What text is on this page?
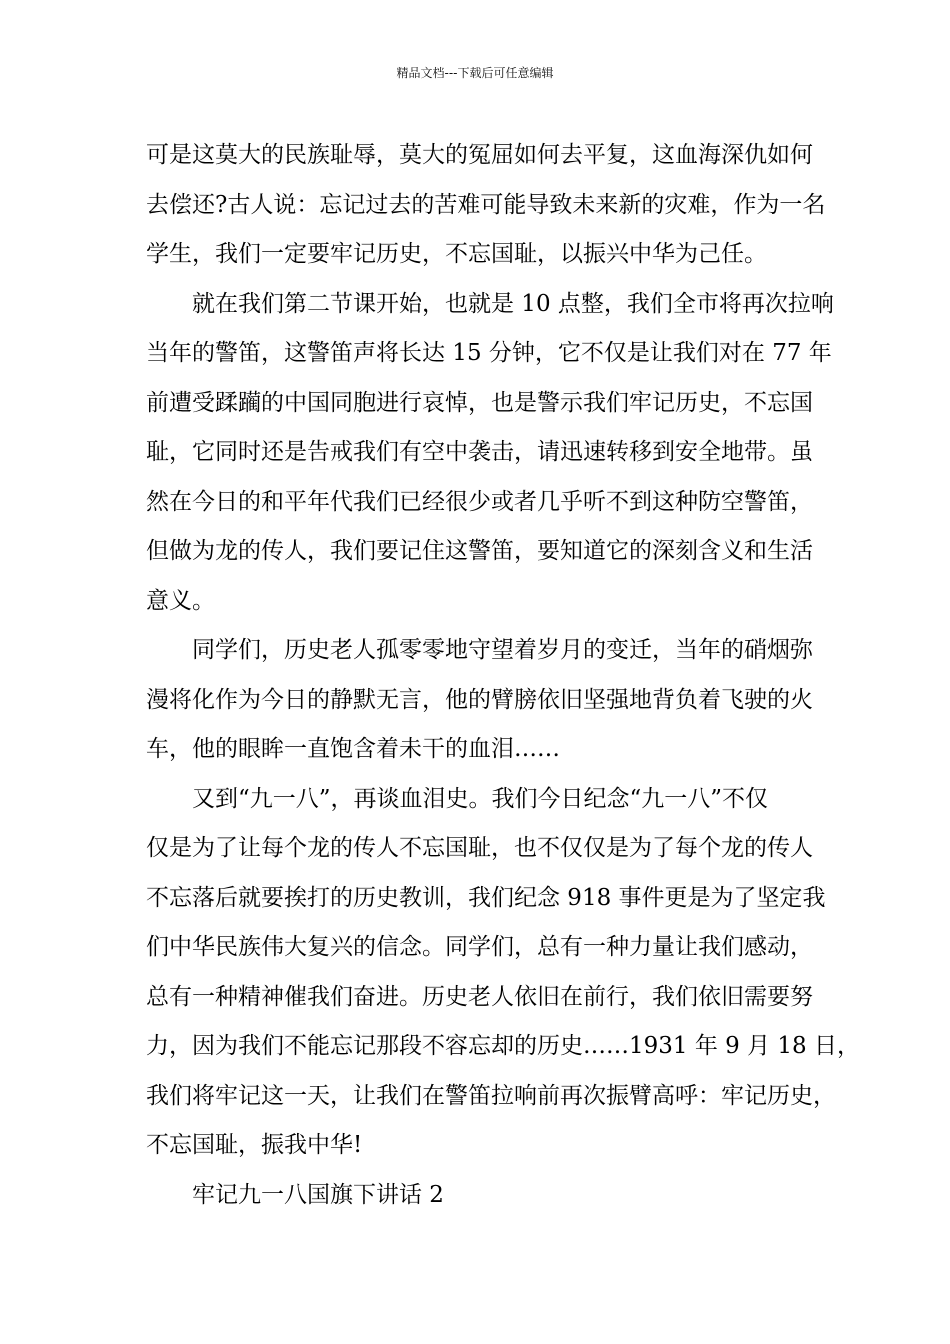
精品文档---下载后可任意编辑
可是这莫大的民族耻辱，莫大的冤屈如何去平复，这血海深仇如何
去偿还?古人说：忘记过去的苦难可能导致未来新的灾难，作为一名
学生，我们一定要牢记历史，不忘国耻，以振兴中华为己任。
就在我们第二节课开始，也就是 10 点整，我们全市将再次拉响
当年的警笛，这警笛声将长达 15 分钟，它不仅是让我们对在 77 年
前遭受蹂躏的中国同胞进行哀悼，也是警示我们牢记历史，不忘国
耻，它同时还是告戒我们有空中袭击，请迅速转移到安全地带。虽
然在今日的和平年代我们已经很少或者几乎听不到这种防空警笛，
但做为龙的传人，我们要记住这警笛，要知道它的深刻含义和生活
意义。
同学们，历史老人孤零零地守望着岁月的变迁，当年的硝烟弥
漫将化作为今日的静默无言，他的臂膀依旧坚强地背负着飞驶的火
车，他的眼眸一直饱含着未干的血泪……
又到“九一八”，再谈血泪史。我们今日纪念“九一八”不仅
仅是为了让每个龙的传人不忘国耻，也不仅仅是为了每个龙的传人
不忘落后就要挨打的历史教训，我们纪念 918 事件更是为了坚定我
们中华民族伟大复兴的信念。同学们，总有一种力量让我们感动，
总有一种精神催我们奋进。历史老人依旧在前行，我们依旧需要努
力，因为我们不能忘记那段不容忘却的历史……1931 年 9 月 18 日，
我们将牢记这一天，让我们在警笛拉响前再次振臂高呼：牢记历史，
不忘国耻，振我中华!
牢记九一八国旗下讲话 2
